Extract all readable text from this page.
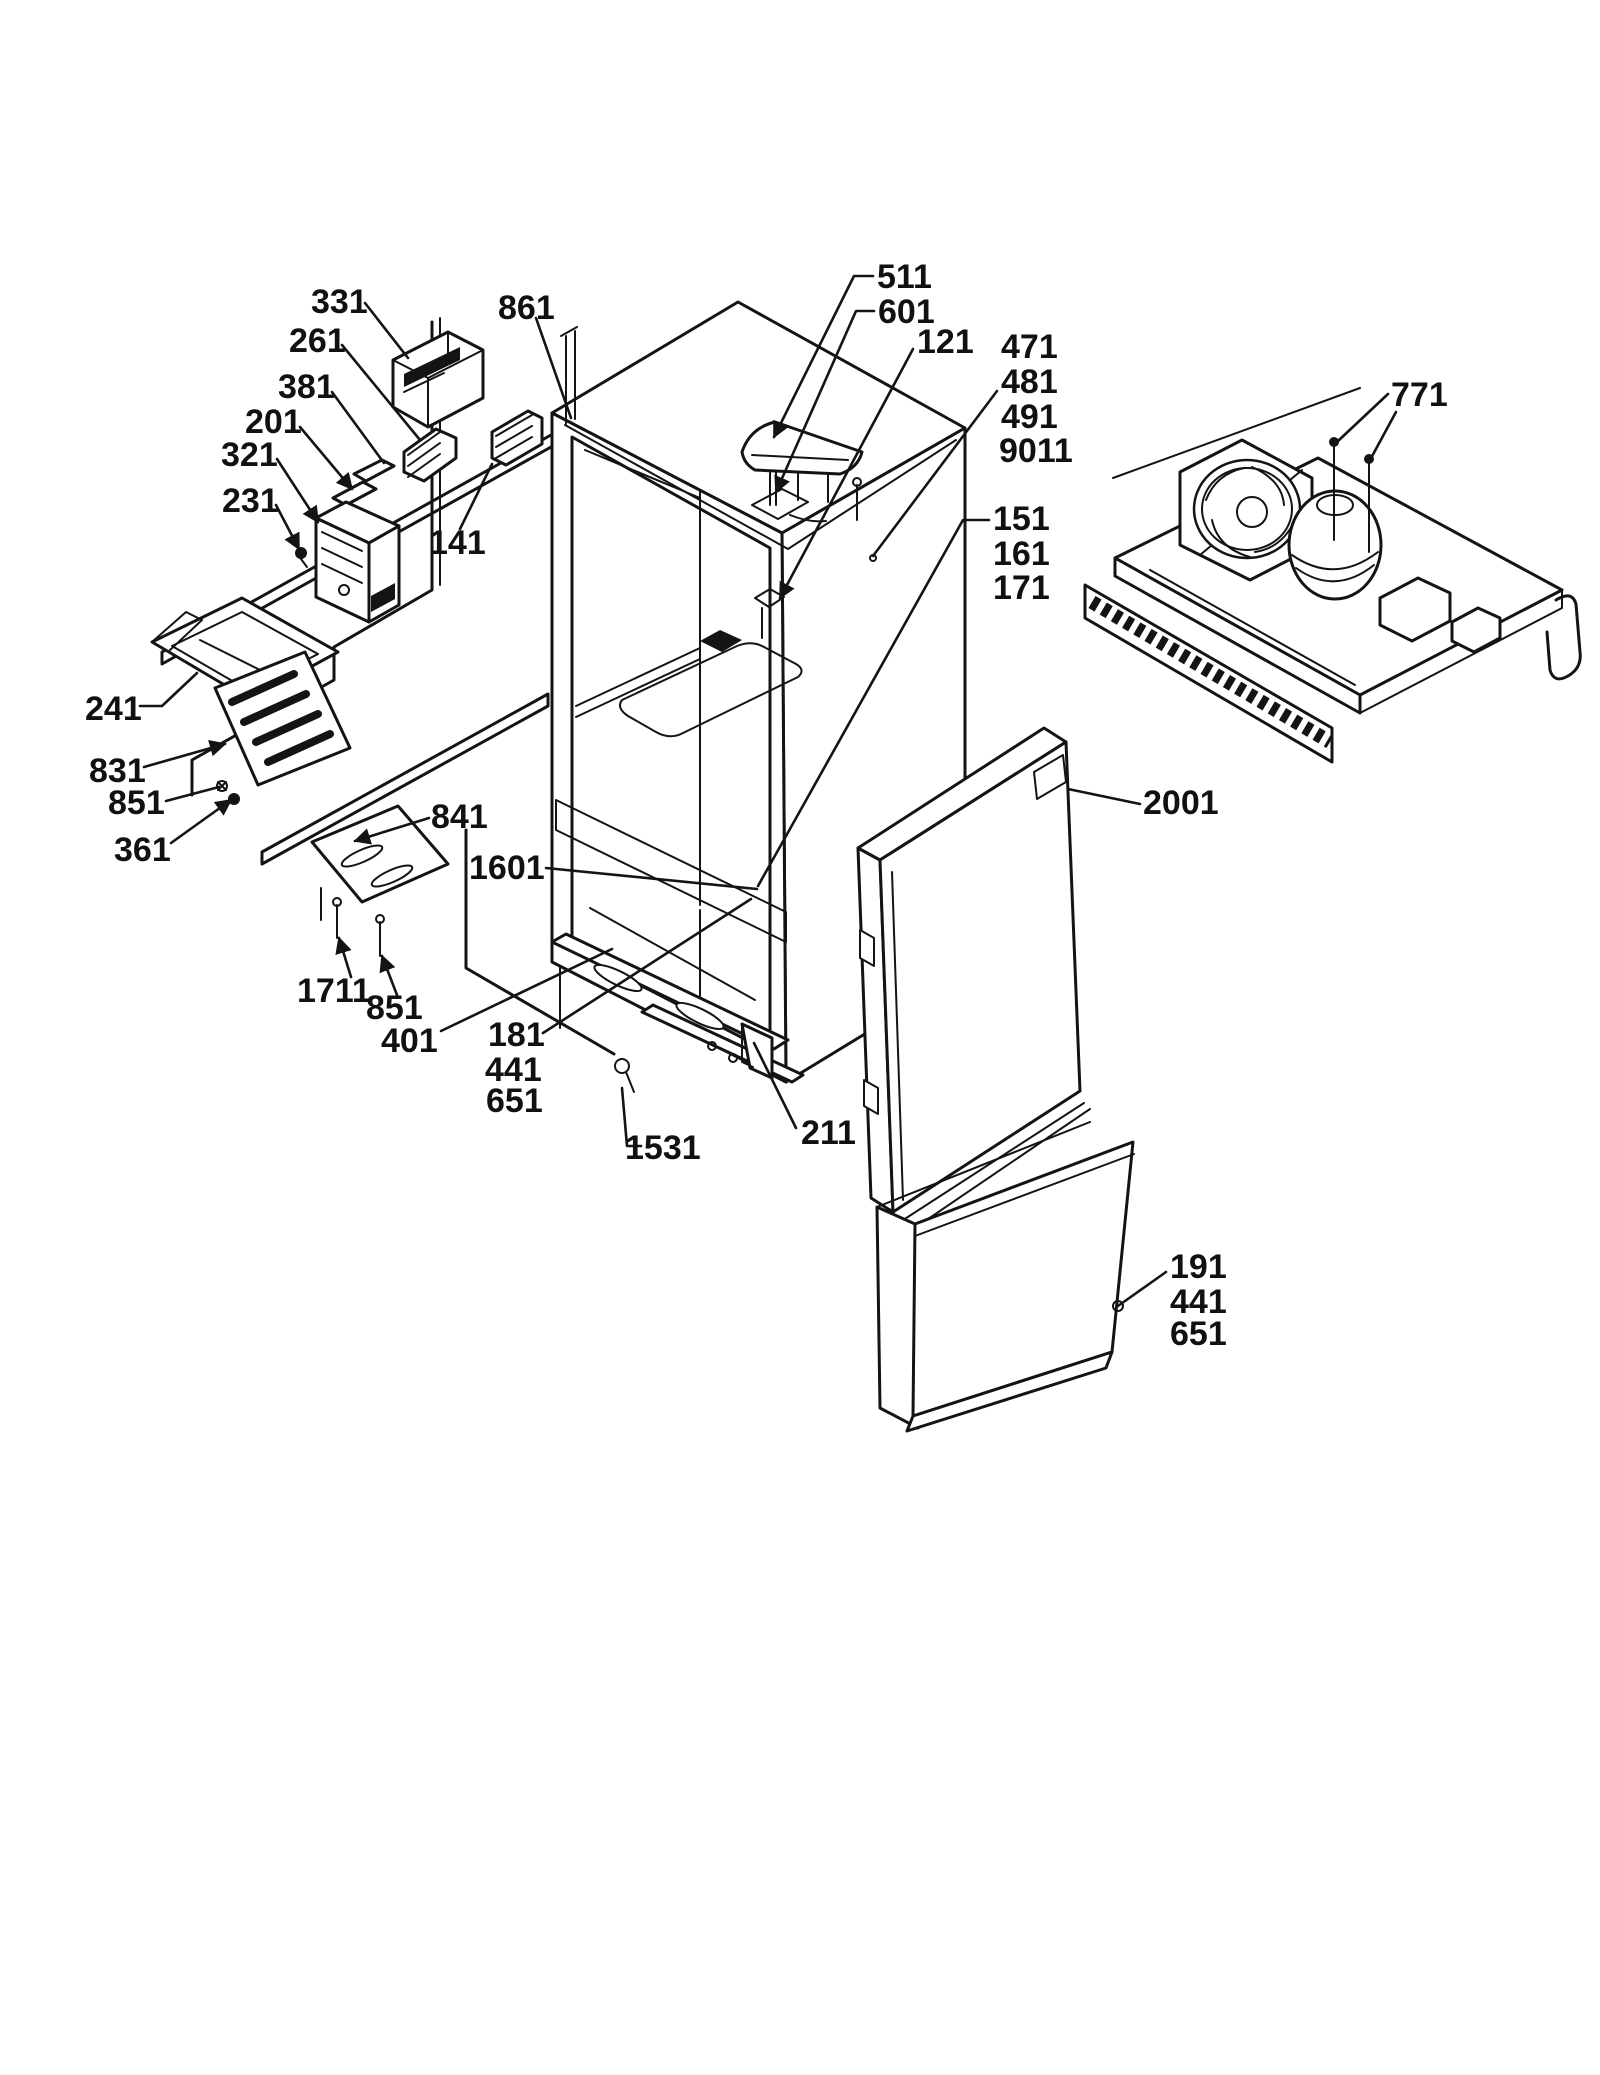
331
261
381
201
321
231
141
861
511
601
121 471
481
491
9011
771
151
161
171
241
831
851
361
841
1601
2001
1711
851
401 181
441
651
1531	211
191
441
651
